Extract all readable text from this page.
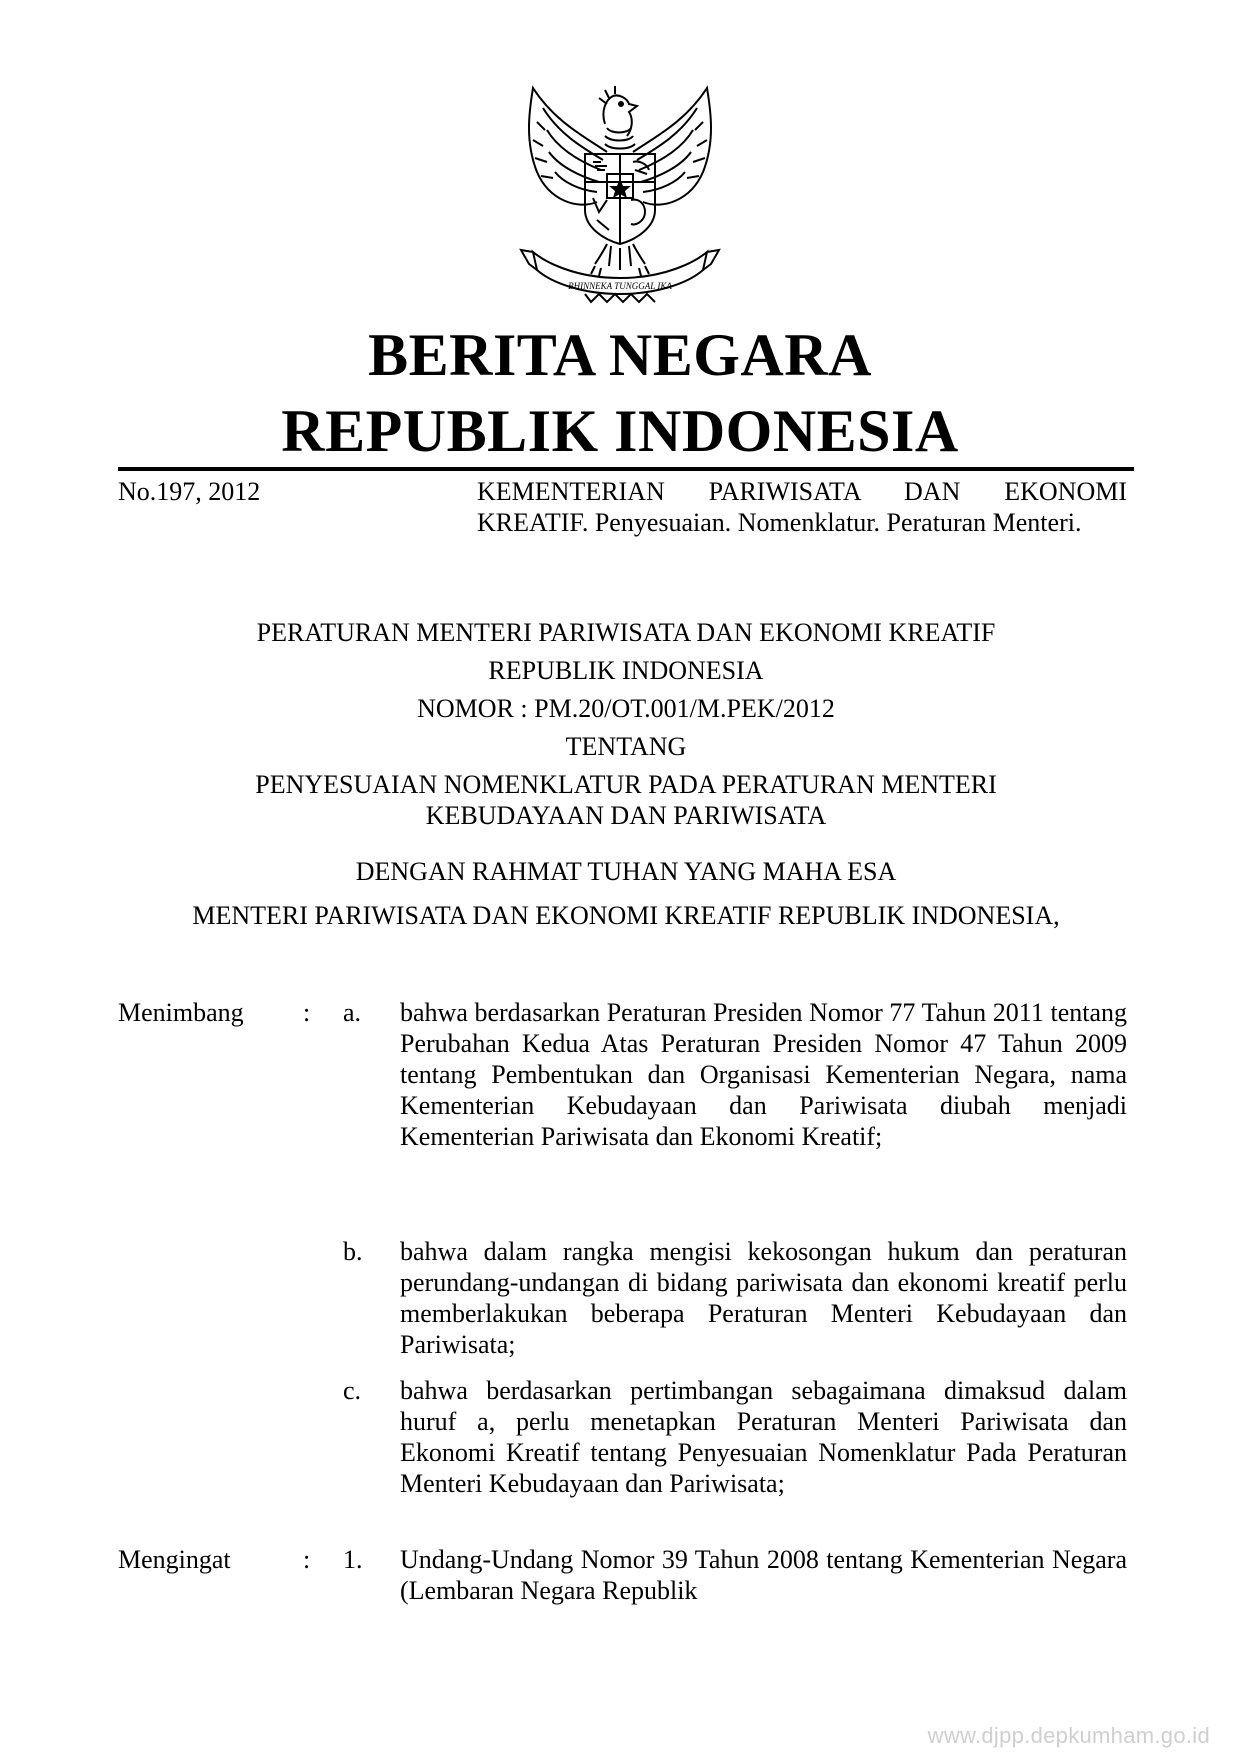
BHINNEKA TUNGGAL IKA
BERITA NEGARA
REPUBLIK INDONESIA
No.197, 2012	KEMENTERIAN PARIWISATA DAN EKONOMI KREATIF. Penyesuaian. Nomenklatur. Peraturan Menteri.
PERATURAN MENTERI PARIWISATA DAN EKONOMI KREATIF
REPUBLIK INDONESIA
NOMOR : PM.20/OT.001/M.PEK/2012
TENTANG
PENYESUAIAN NOMENKLATUR PADA PERATURAN MENTERI
KEBUDAYAAN DAN PARIWISATA
DENGAN RAHMAT TUHAN YANG MAHA ESA
MENTERI PARIWISATA DAN EKONOMI KREATIF REPUBLIK INDONESIA,
Menimbang : a. bahwa berdasarkan Peraturan Presiden Nomor 77 Tahun 2011 tentang Perubahan Kedua Atas Peraturan Presiden Nomor 47 Tahun 2009 tentang Pembentukan dan Organisasi Kementerian Negara, nama Kementerian Kebudayaan dan Pariwisata diubah menjadi Kementerian Pariwisata dan Ekonomi Kreatif;
b. bahwa dalam rangka mengisi kekosongan hukum dan peraturan perundang-undangan di bidang pariwisata dan ekonomi kreatif perlu memberlakukan beberapa Peraturan Menteri Kebudayaan dan Pariwisata;
c. bahwa berdasarkan pertimbangan sebagaimana dimaksud dalam huruf a, perlu menetapkan Peraturan Menteri Pariwisata dan Ekonomi Kreatif tentang Penyesuaian Nomenklatur Pada Peraturan Menteri Kebudayaan dan Pariwisata;
Mengingat	: 1. Undang-Undang Nomor 39 Tahun 2008 tentang Kementerian Negara (Lembaran Negara Republik
www.djpp.depkumham.go.id
